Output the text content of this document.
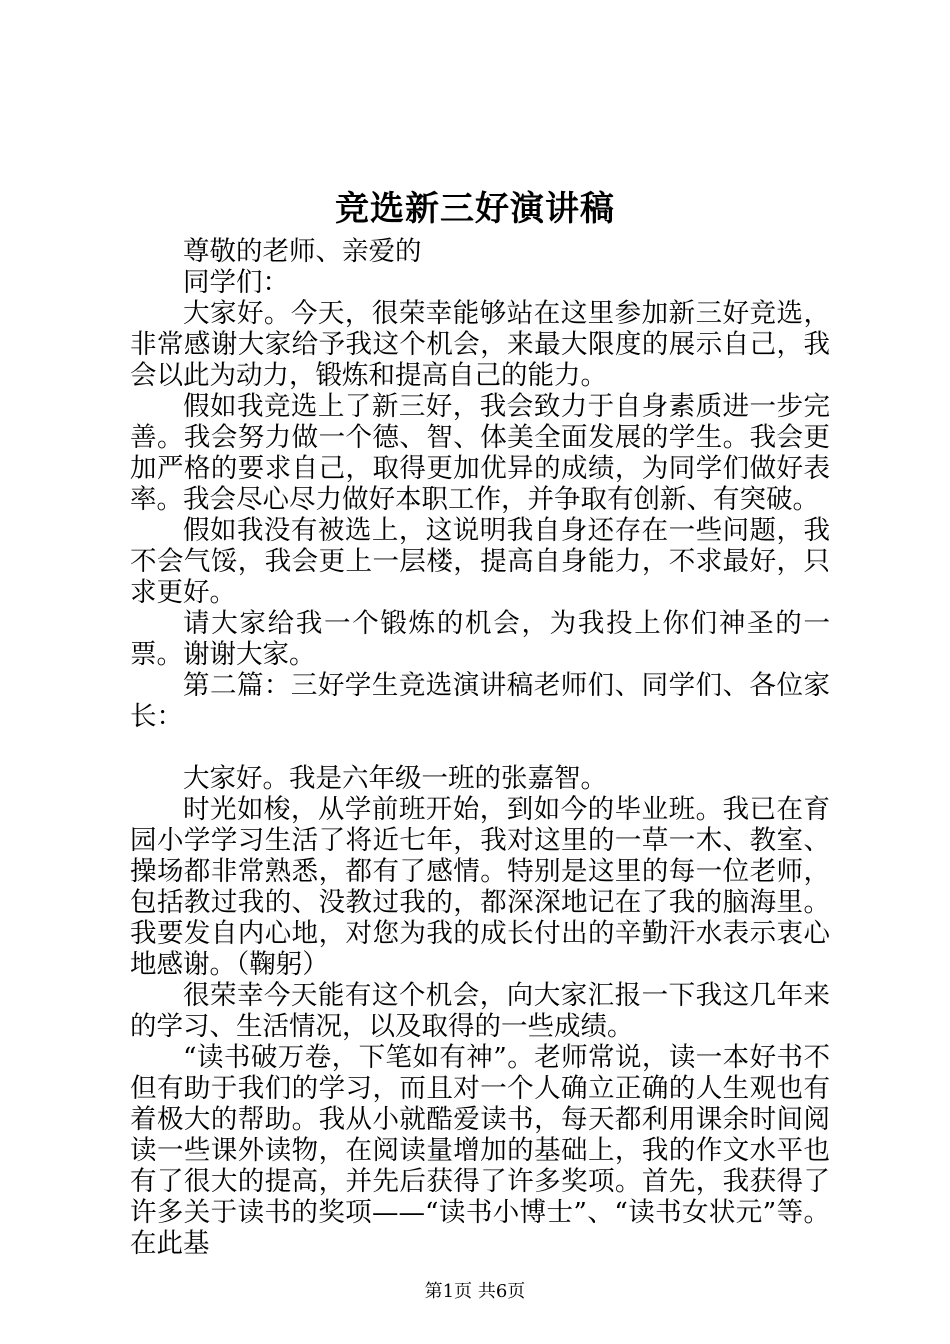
竞选新三好演讲稿

尊敬的老师、亲爱的

同学们：

大家好。今天，很荣幸能够站在这里参加新三好竞选，非常感谢大家给予我这个机会，来最大限度的展示自己，我会以此为动力，锻炼和提高自己的能力。

假如我竞选上了新三好，我会致力于自身素质进一步完善。我会努力做一个德、智、体美全面发展的学生。我会更加严格的要求自己，取得更加优异的成绩，为同学们做好表率。我会尽心尽力做好本职工作，并争取有创新、有突破。

假如我没有被选上，这说明我自身还存在一些问题，我不会气馁，我会更上一层楼，提高自身能力，不求最好，只求更好。

请大家给我一个锻炼的机会，为我投上你们神圣的一票。谢谢大家。

第二篇：三好学生竞选演讲稿老师们、同学们、各位家长：

大家好。我是六年级一班的张嘉智。

时光如梭，从学前班开始，到如今的毕业班。我已在育园小学学习生活了将近七年，我对这里的一草一木、教室、操场都非常熟悉，都有了感情。特别是这里的每一位老师，包括教过我的、没教过我的，都深深地记在了我的脑海里。我要发自内心地，对您为我的成长付出的辛勤汗水表示衷心地感谢。（鞠躬）

很荣幸今天能有这个机会，向大家汇报一下我这几年来的学习、生活情况，以及取得的一些成绩。

“读书破万卷，下笔如有神”。老师常说，读一本好书不但有助于我们的学习，而且对一个人确立正确的人生观也有着极大的帮助。我从小就酷爱读书，每天都利用课余时间阅读一些课外读物，在阅读量增加的基础上，我的作文水平也有了很大的提高，并先后获得了许多奖项。首先，我获得了许多关于读书的奖项——“读书小博士”、“读书女状元”等。在此基

第1页 共6页
